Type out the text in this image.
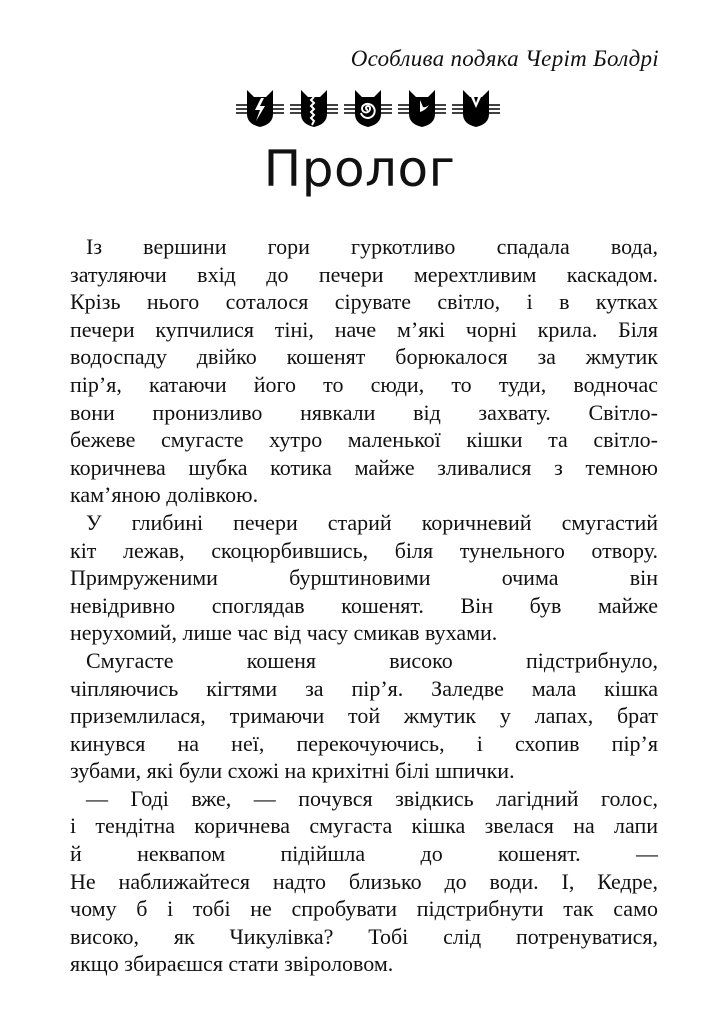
Особлива подяка Черіт Болдрі
Пролог
Із вершини гори гуркотливо спадала вода,
затуляючи вхід до печери мерехтливим каскадом.
Крізь нього соталося сірувате світло, і в кутках
печери купчилися тіні, наче м’які чорні крила. Біля
водоспаду двійко кошенят борюкалося за жмутик
пір’я, катаючи його то сюди, то туди, водночас
вони пронизливо нявкали від захвату. Світло-
бежеве смугасте хутро маленької кішки та світло-
коричнева шубка котика майже зливалися з темною
кам’яною долівкою.
У глибині печери старий коричневий смугастий
кіт лежав, скоцюрбившись, біля тунельного отвору.
Примруженими бурштиновими очима він
невідривно споглядав кошенят. Він був майже
нерухомий, лише час від часу смикав вухами.
Смугасте кошеня високо підстрибнуло,
чіпляючись кігтями за пір’я. Заледве мала кішка
приземлилася, тримаючи той жмутик у лапах, брат
кинувся на неї, перекочуючись, і схопив пір’я
зубами, які були схожі на крихітні білі шпички.
— Годі вже, — почувся звідкись лагідний голос,
і тендітна коричнева смугаста кішка звелася на лапи
й неквапом підійшла до кошенят. —
Не наближайтеся надто близько до води. І, Кедре,
чому б і тобі не спробувати підстрибнути так само
високо, як Чикулівка? Тобі слід потренуватися,
якщо збираєшся стати звіроловом.
